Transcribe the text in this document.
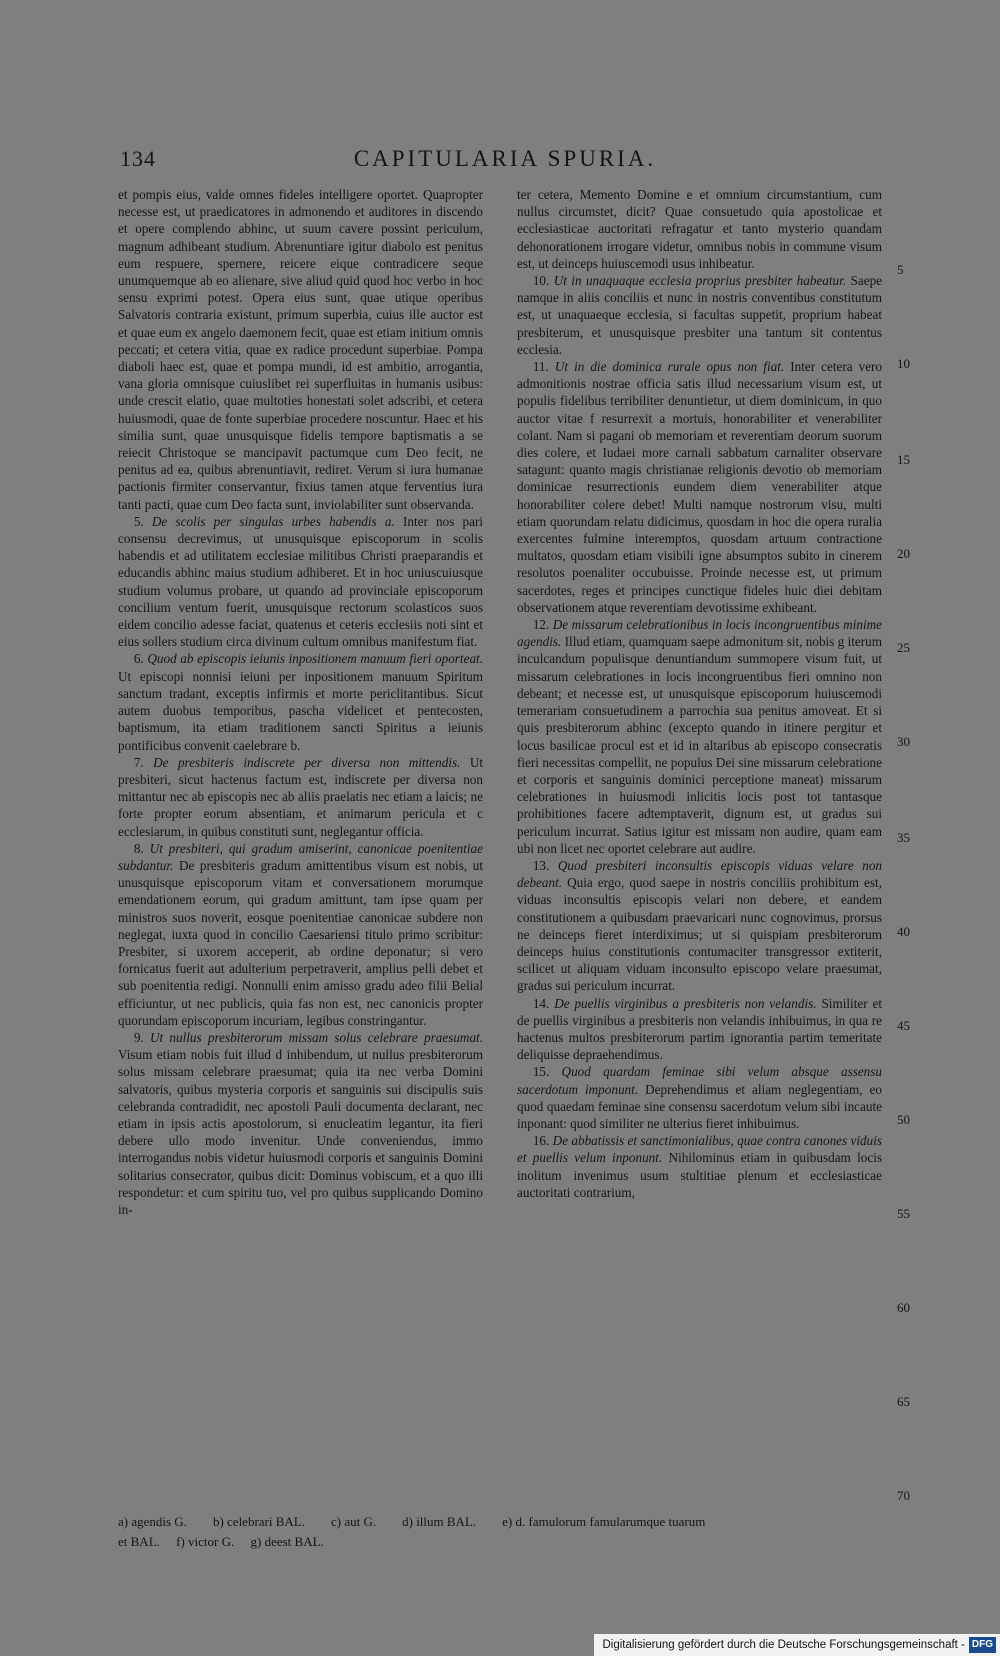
134	CAPITULARIA SPURIA.

et pompis eius, valde omnes fideles intelligere oportet. Quapropter necesse est, ut praedicatores in admonendo et auditores in discendo et opere complendo abhinc, ut suum cavere possint periculum, magnum adhibeant studium. Abrenuntiare igitur diabolo est penitus eum respuere, spernere, reicere eique contradicere seque unumquemque ab eo alienare, sive aliud quid quod hoc verbo in hoc sensu exprimi potest. Opera eius sunt, quae utique operibus Salvatoris contraria existunt, primum superbia, cuius ille auctor est et quae eum ex angelo daemonem fecit, quae est etiam initium omnis peccati; et cetera vitia, quae ex radice procedunt superbiae. Pompa diaboli haec est, quae et pompa mundi, id est ambitio, arrogantia, vana gloria omnisque cuiuslibet rei superfluitas in humanis usibus: unde crescit elatio, quae multoties honestati solet adscribi, et cetera huiusmodi, quae de fonte superbiae procedere noscuntur. Haec et his similia sunt, quae unusquisque fidelis tempore baptismatis a se reiecit Christoque se mancipavit pactumque cum Deo fecit, ne penitus ad ea, quibus abrenuntiavit, rediret. Verum si iura humanae pactionis firmiter conservantur, fixius tamen atque ferventius iura tanti pacti, quae cum Deo facta sunt, inviolabiliter sunt observanda.

5. De scolis per singulas urbes habendis a. Inter nos pari consensu decrevimus, ut unusquisque episcoporum in scolis habendis et ad utilitatem ecclesiae militibus Christi praeparandis et educandis abhinc maius studium adhiberet. Et in hoc uniuscuiusque studium volumus probare, ut quando ad provinciale episcoporum concilium ventum fuerit, unusquisque rectorum scolasticos suos eidem concilio adesse faciat, quatenus et ceteris ecclesiis noti sint et eius sollers studium circa divinum cultum omnibus manifestum fiat.

6. Quod ab episcopis ieiunis inpositionem manuum fieri oporteat. Ut episcopi nonnisi ieiuni per inpositionem manuum Spiritum sanctum tradant, exceptis infirmis et morte periclitantibus. Sicut autem duobus temporibus, pascha videlicet et pentecosten, baptismum, ita etiam traditionem sancti Spiritus a ieiunis pontificibus convenit caelebrare b.

7. De presbiteris indiscrete per diversa non mittendis. Ut presbiteri, sicut hactenus factum est, indiscrete per diversa non mittantur nec ab episcopis nec ab aliis praelatis nec etiam a laicis; ne forte propter eorum absentiam, et animarum pericula et c ecclesiarum, in quibus constituti sunt, neglegantur officia.

8. Ut presbiteri, qui gradum amiserint, canonicae poenitentiae subdantur. De presbiteris gradum amittentibus visum est nobis, ut unusquisque episcoporum vitam et conversationem morumque emendationem eorum, qui gradum amittunt, tam ipse quam per ministros suos noverit, eosque poenitentiae canonicae subdere non neglegat, iuxta quod in concilio Caesariensi titulo primo scribitur: Presbiter, si uxorem acceperit, ab ordine deponatur; si vero fornicatus fuerit aut adulterium perpetraverit, amplius pelli debet et sub poenitentia redigi. Nonnulli enim amisso gradu adeo filii Belial efficiuntur, ut nec publicis, quia fas non est, nec canonicis propter quorundam episcoporum incuriam, legibus constringantur.

9. Ut nullus presbiterorum missam solus celebrare praesumat. Visum etiam nobis fuit illud d inhibendum, ut nullus presbiterorum solus missam celebrare praesumat; quia ita nec verba Domini salvatoris, quibus mysteria corporis et sanguinis sui discipulis suis celebranda contradidit, nec apostoli Pauli documenta declarant, nec etiam in ipsis actis apostolorum, si enucleatim legantur, ita fieri debere ullo modo invenitur. Unde conveniendus, immo interrogandus nobis videtur huiusmodi corporis et sanguinis Domini solitarius consecrator, quibus dicit: Dominus vobiscum, et a quo illi respondetur: et cum spiritu tuo, vel pro quibus supplicando Domino in-

ter cetera, Memento Domine e et omnium circumstantium, cum nullus circumstet, dicit? Quae consuetudo quia apostolicae et ecclesiasticae auctoritati refragatur et tanto mysterio quandam dehonorationem irrogare videtur, omnibus nobis in commune visum est, ut deinceps huiuscemodi usus inhibeatur.

10. Ut in unaquaque ecclesia proprius presbiter habeatur. Saepe namque in aliis conciliis et nunc in nostris conventibus constitutum est, ut unaquaeque ecclesia, si facultas suppetit, proprium habeat presbiterum, et unusquisque presbiter una tantum sit contentus ecclesia.

11. Ut in die dominica rurale opus non fiat. Inter cetera vero admonitionis nostrae officia satis illud necessarium visum est, ut populis fidelibus terribiliter denuntietur, ut diem dominicum, in quo auctor vitae f resurrexit a mortuis, honorabiliter et venerabiliter colant. Nam si pagani ob memoriam et reverentiam deorum suorum dies colere, et Iudaei more carnali sabbatum carnaliter observare satagunt: quanto magis christianae religionis devotio ob memoriam dominicae resurrectionis eundem diem venerabiliter atque honorabiliter colere debet! Multi namque nostrorum visu, multi etiam quorundam relatu didicimus, quosdam in hoc die opera ruralia exercentes fulmine interemptos, quosdam artuum contractione multatos, quosdam etiam visibili igne absumptos subito in cinerem resolutos poenaliter occubuisse. Proinde necesse est, ut primum sacerdotes, reges et principes cunctique fideles huic diei debitam observationem atque reverentiam devotissime exhibeant.

12. De missarum celebrationibus in locis incongruentibus minime agendis. Illud etiam, quamquam saepe admonitum sit, nobis g iterum inculcandum populisque denuntiandum summopere visum fuit, ut missarum celebrationes in locis incongruentibus fieri omnino non debeant; et necesse est, ut unusquisque episcoporum huiuscemodi temerariam consuetudinem a parrochia sua penitus amoveat. Et si quis presbiterorum abhinc (excepto quando in itinere pergitur et locus basilicae procul est et id in altaribus ab episcopo consecratis fieri necessitas compellit, ne populus Dei sine missarum celebratione et corporis et sanguinis dominici perceptione maneat) missarum celebrationes in huiusmodi inlicitis locis post tot tantasque prohibitiones facere adtemptaverit, dignum est, ut gradus sui periculum incurrat. Satius igitur est missam non audire, quam eam ubi non licet nec oportet celebrare aut audire.

13. Quod presbiteri inconsultis episcopis viduas velare non debeant. Quia ergo, quod saepe in nostris conciliis prohibitum est, viduas inconsultis episcopis velari non debere, et eandem constitutionem a quibusdam praevaricari nunc cognovimus, prorsus ne deinceps fieret interdiximus; ut si quispiam presbiterorum deinceps huius constitutionis contumaciter transgressor extiterit, scilicet ut aliquam viduam inconsulto episcopo velare praesumat, gradus sui periculum incurrat.

14. De puellis virginibus a presbiteris non velandis. Similiter et de puellis virginibus a presbiteris non velandis inhibuimus, in qua re hactenus multos presbiterorum partim ignorantia partim temeritate deliquisse depraehendimus.

15. Quod quardam feminae sibi velum absque assensu sacerdotum imponunt. Deprehendimus et aliam neglegentiam, eo quod quaedam feminae sine consensu sacerdotum velum sibi incaute inponant: quod similiter ne ulterius fieret inhibuimus.

16. De abbatissis et sanctimonialibus, quae contra canones viduis et puellis velum inponunt. Nihilominus etiam in quibusdam locis inolitum invenimus usum stultitiae plenum et ecclesiasticae auctoritati contrarium,

5
10
15
20
25
30
35
40
45
50
55
60
65
70
a) agendis G.        b) celebrari BAL.        c) aut G.        d) illum BAL.        e) d. famulorum famularumque tuarum
et BAL.     f) victor G.     g) deest BAL.
Digitalisierung gefördert durch die Deutsche Forschungsgemeinschaft - DFG
